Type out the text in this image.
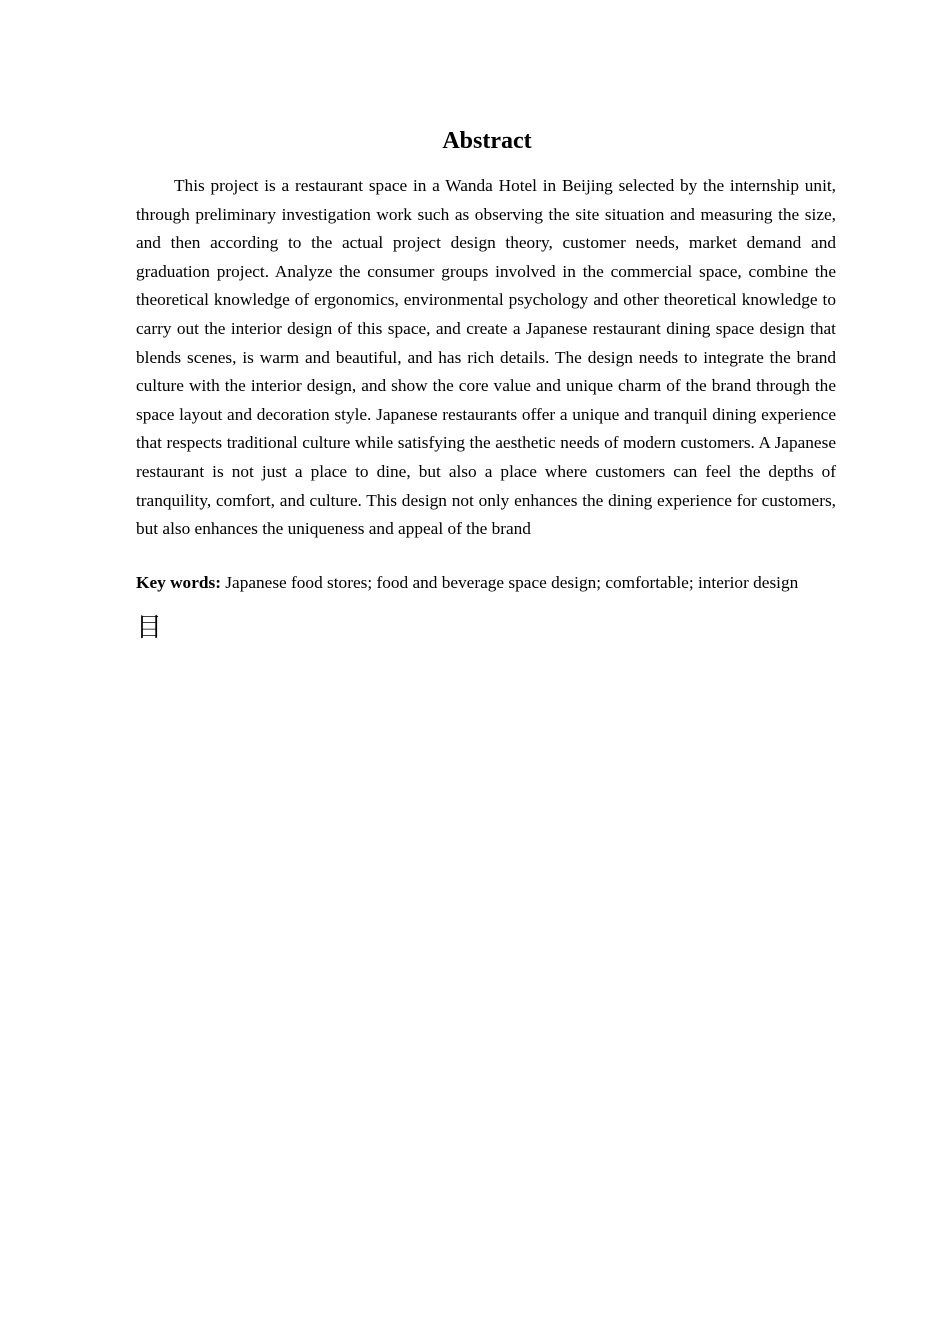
Abstract

This project is a restaurant space in a Wanda Hotel in Beijing selected by the internship unit, through preliminary investigation work such as observing the site situation and measuring the size, and then according to the actual project design theory, customer needs, market demand and graduation project. Analyze the consumer groups involved in the commercial space, combine the theoretical knowledge of ergonomics, environmental psychology and other theoretical knowledge to carry out the interior design of this space, and create a Japanese restaurant dining space design that blends scenes, is warm and beautiful, and has rich details. The design needs to integrate the brand culture with the interior design, and show the core value and unique charm of the brand through the space layout and decoration style. Japanese restaurants offer a unique and tranquil dining experience that respects traditional culture while satisfying the aesthetic needs of modern customers. A Japanese restaurant is not just a place to dine, but also a place where customers can feel the depths of tranquility, comfort, and culture. This design not only enhances the dining experience for customers, but also enhances the uniqueness and appeal of the brand

Key words: Japanese food stores; food and beverage space design; comfortable; interior design

目
